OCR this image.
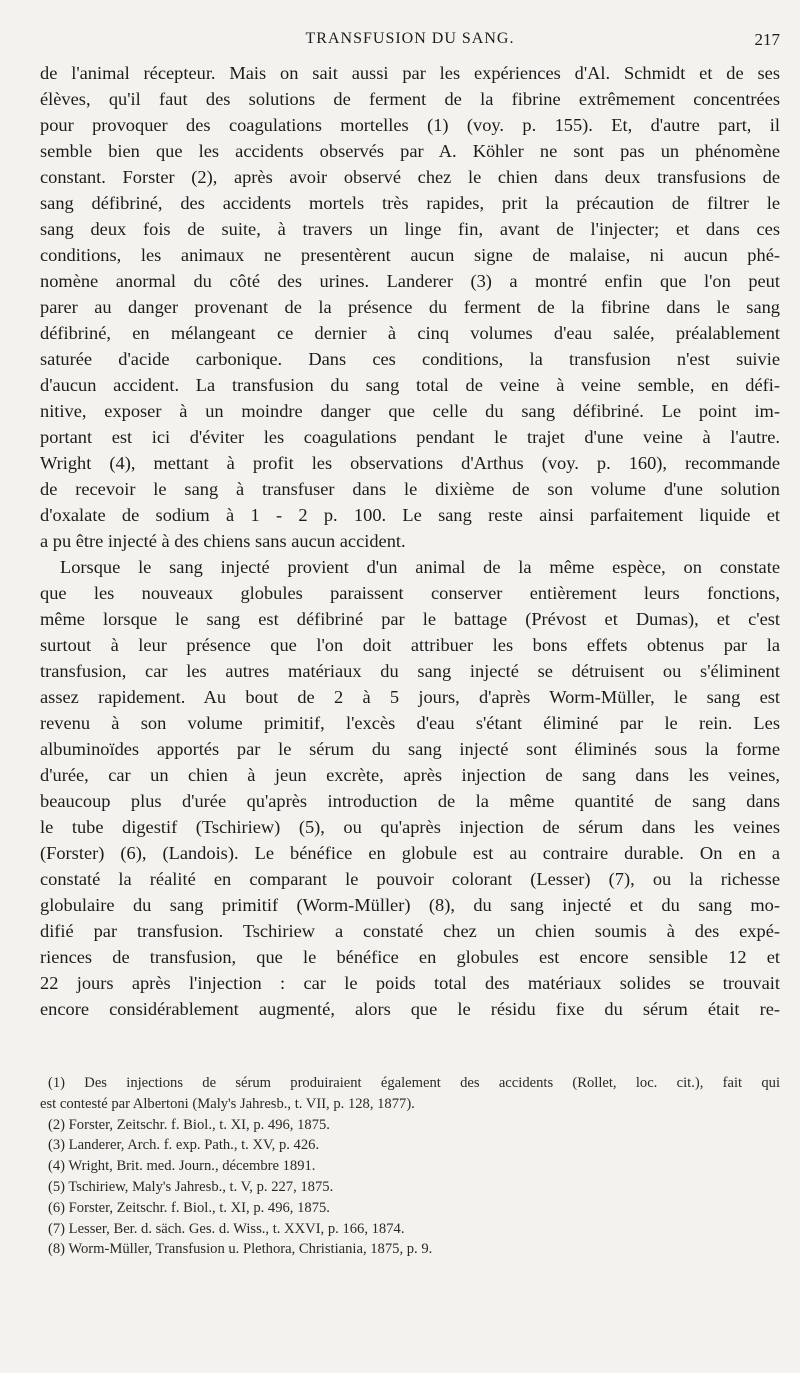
TRANSFUSION DU SANG.	217
de l'animal récepteur. Mais on sait aussi par les expériences d'Al. Schmidt et de ses
élèves, qu'il faut des solutions de ferment de la fibrine extrêmement concentrées
pour provoquer des coagulations mortelles (1) (voy. p. 155). Et, d'autre part, il
semble bien que les accidents observés par A. Köhler ne sont pas un phénomène
constant. Forster (2), après avoir observé chez le chien dans deux transfusions de
sang défibriné, des accidents mortels très rapides, prit la précaution de filtrer le
sang deux fois de suite, à travers un linge fin, avant de l'injecter; et dans ces
conditions, les animaux ne presentèrent aucun signe de malaise, ni aucun phé-
nomène anormal du côté des urines. Landerer (3) a montré enfin que l'on peut
parer au danger provenant de la présence du ferment de la fibrine dans le sang
défibriné, en mélangeant ce dernier à cinq volumes d'eau salée, préalablement
saturée d'acide carbonique. Dans ces conditions, la transfusion n'est suivie
d'aucun accident. La transfusion du sang total de veine à veine semble, en défi-
nitive, exposer à un moindre danger que celle du sang défibriné. Le point im-
portant est ici d'éviter les coagulations pendant le trajet d'une veine à l'autre.
Wright (4), mettant à profit les observations d'Arthus (voy. p. 160), recommande
de recevoir le sang à transfuser dans le dixième de son volume d'une solution
d'oxalate de sodium à 1 - 2 p. 100. Le sang reste ainsi parfaitement liquide et
a pu être injecté à des chiens sans aucun accident.
Lorsque le sang injecté provient d'un animal de la même espèce, on constate
que les nouveaux globules paraissent conserver entièrement leurs fonctions,
même lorsque le sang est défibriné par le battage (Prévost et Dumas), et c'est
surtout à leur présence que l'on doit attribuer les bons effets obtenus par la
transfusion, car les autres matériaux du sang injecté se détruisent ou s'éliminent
assez rapidement. Au bout de 2 à 5 jours, d'après Worm-Müller, le sang est
revenu à son volume primitif, l'excès d'eau s'étant éliminé par le rein. Les
albuminoïdes apportés par le sérum du sang injecté sont éliminés sous la forme
d'urée, car un chien à jeun excrète, après injection de sang dans les veines,
beaucoup plus d'urée qu'après introduction de la même quantité de sang dans
le tube digestif (Tschiriew) (5), ou qu'après injection de sérum dans les veines
(Forster) (6), (Landois). Le bénéfice en globule est au contraire durable. On en a
constaté la réalité en comparant le pouvoir colorant (Lesser) (7), ou la richesse
globulaire du sang primitif (Worm-Müller) (8), du sang injecté et du sang mo-
difié par transfusion. Tschiriew a constaté chez un chien soumis à des expé-
riences de transfusion, que le bénéfice en globules est encore sensible 12 et
22 jours après l'injection : car le poids total des matériaux solides se trouvait
encore considérablement augmenté, alors que le résidu fixe du sérum était re-
(1) Des injections de sérum produiraient également des accidents (Rollet, loc. cit.), fait qui
est contesté par Albertoni (Maly's Jahresb., t. VII, p. 128, 1877).
(2) Forster, Zeitschr. f. Biol., t. XI, p. 496, 1875.
(3) Landerer, Arch. f. exp. Path., t. XV, p. 426.
(4) Wright, Brit. med. Journ., décembre 1891.
(5) Tschiriew, Maly's Jahresb., t. V, p. 227, 1875.
(6) Forster, Zeitschr. f. Biol., t. XI, p. 496, 1875.
(7) Lesser, Ber. d. säch. Ges. d. Wiss., t. XXVI, p. 166, 1874.
(8) Worm-Müller, Transfusion u. Plethora, Christiania, 1875, p. 9.
